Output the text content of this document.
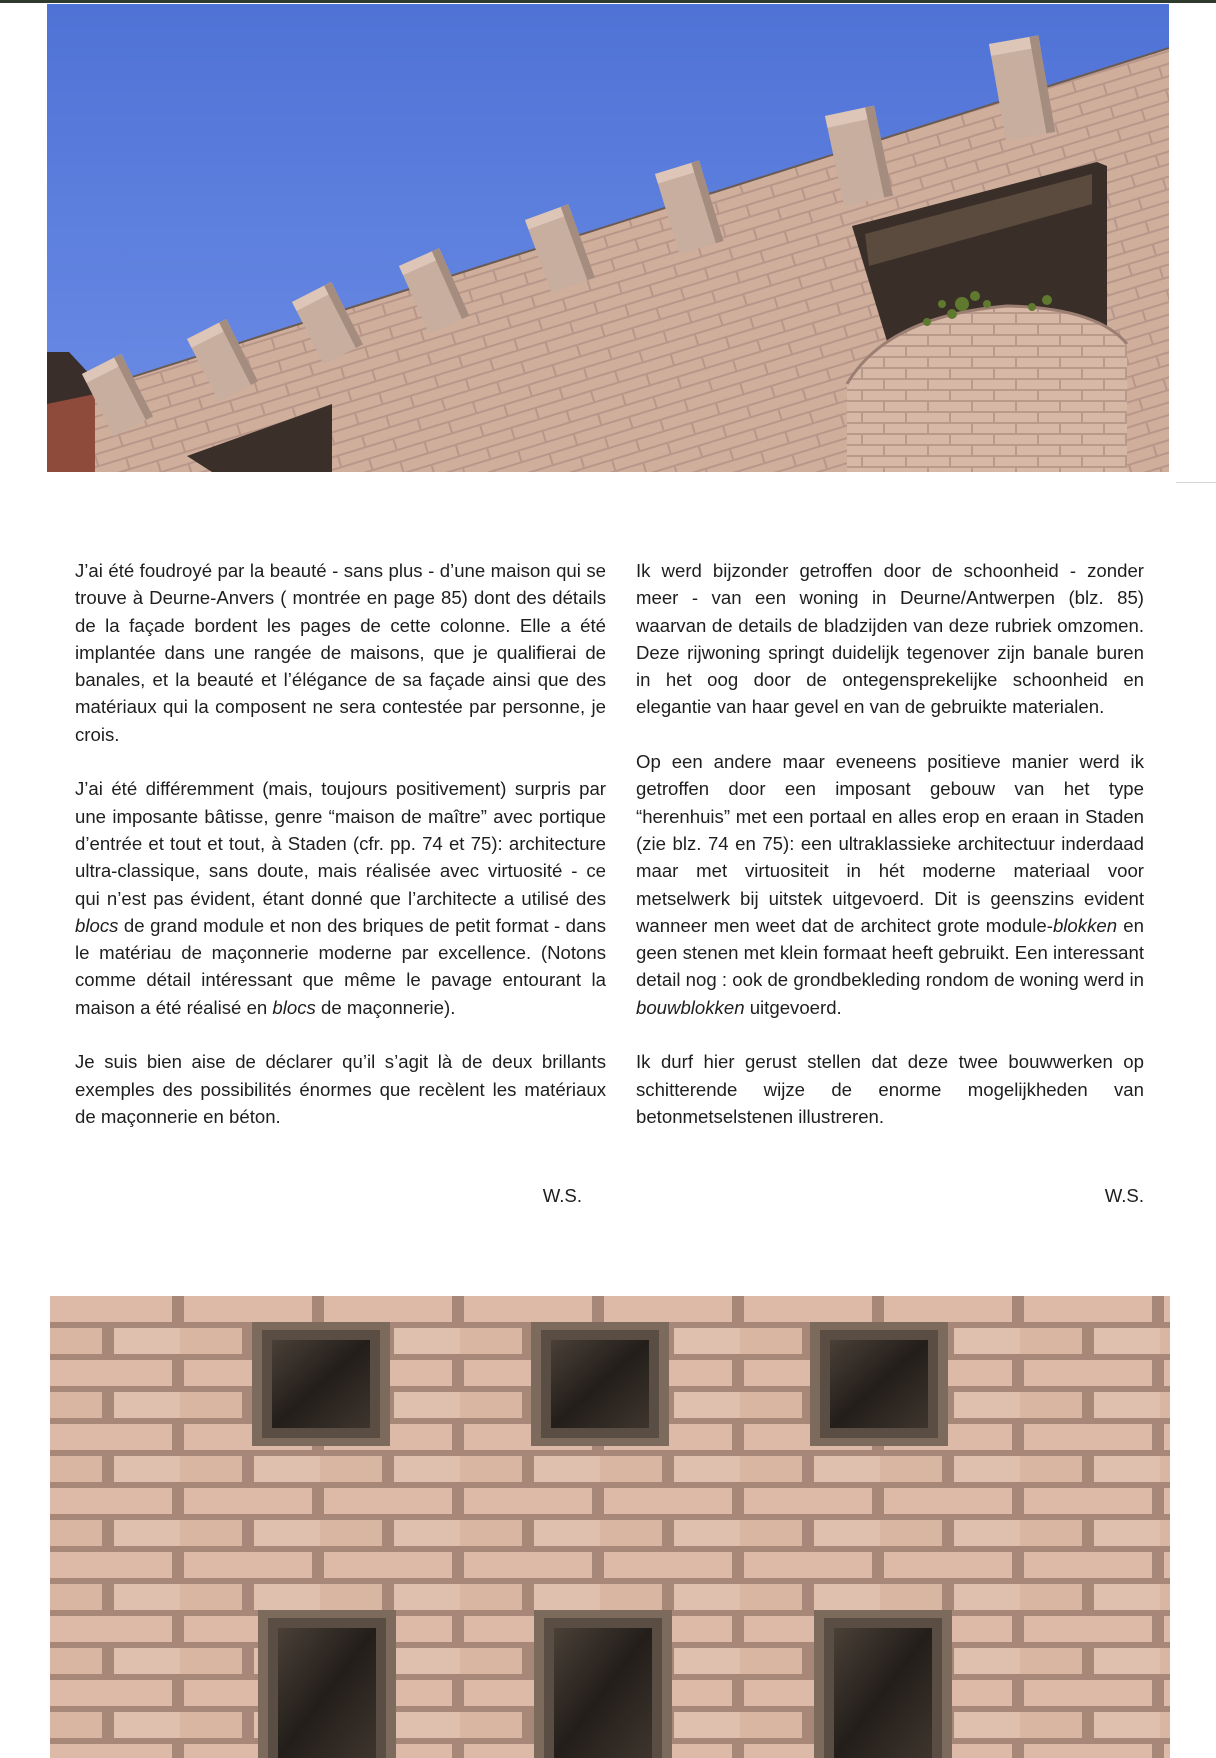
J’ai été foudroyé par la beauté - sans plus - d’une maison qui se trouve à Deurne-Anvers ( montrée en page 85) dont des détails de la façade bordent les pages de cette colonne. Elle a été implantée dans une rangée de maisons, que je qualifierai de banales, et la beauté et l’élégance de sa façade ainsi que des matériaux qui la composent ne sera contestée par personne, je crois.

J’ai été différemment (mais, toujours positivement) surpris par une imposante bâtisse, genre “maison de maître” avec portique d’entrée et tout et tout, à Staden (cfr. pp. 74 et 75): architecture ultra-classique, sans doute, mais réalisée avec virtuosité - ce qui n’est pas évident, étant donné que l’architecte a utilisé des blocs de grand module et non des briques de petit format - dans le matériau de maçonnerie moderne par excellence. (Notons comme détail intéressant que même le pavage entourant la maison a été réalisé en blocs de maçonnerie).

Je suis bien aise de déclarer qu’il s’agit là de deux brillants exemples des possibilités énormes que recèlent les matériaux de maçonnerie en béton.

W.S.

Ik werd bijzonder getroffen door de schoonheid - zonder meer - van een woning in Deurne/Antwerpen (blz. 85) waarvan de details de bladzijden van deze rubriek omzomen. Deze rijwoning springt duidelijk tegenover zijn banale buren in het oog door de ontegensprekelijke schoonheid en elegantie van haar gevel en van de gebruikte materialen.

Op een andere maar eveneens positieve manier werd ik getroffen door een imposant gebouw van het type “herenhuis” met een portaal en alles erop en eraan in Staden (zie blz. 74 en 75): een ultraklassieke architectuur inderdaad maar met virtuositeit in hét moderne materiaal voor metselwerk bij uitstek uitgevoerd. Dit is geenszins evident wanneer men weet dat de architect grote module-blokken en geen stenen met klein formaat heeft gebruikt. Een interessant detail nog : ook de grondbekleding rondom de woning werd in bouwblokken uitgevoerd.

Ik durf hier gerust stellen dat deze twee bouwwerken op schitterende wijze de enorme mogelijkheden van betonmetselstenen illustreren.

W.S.
